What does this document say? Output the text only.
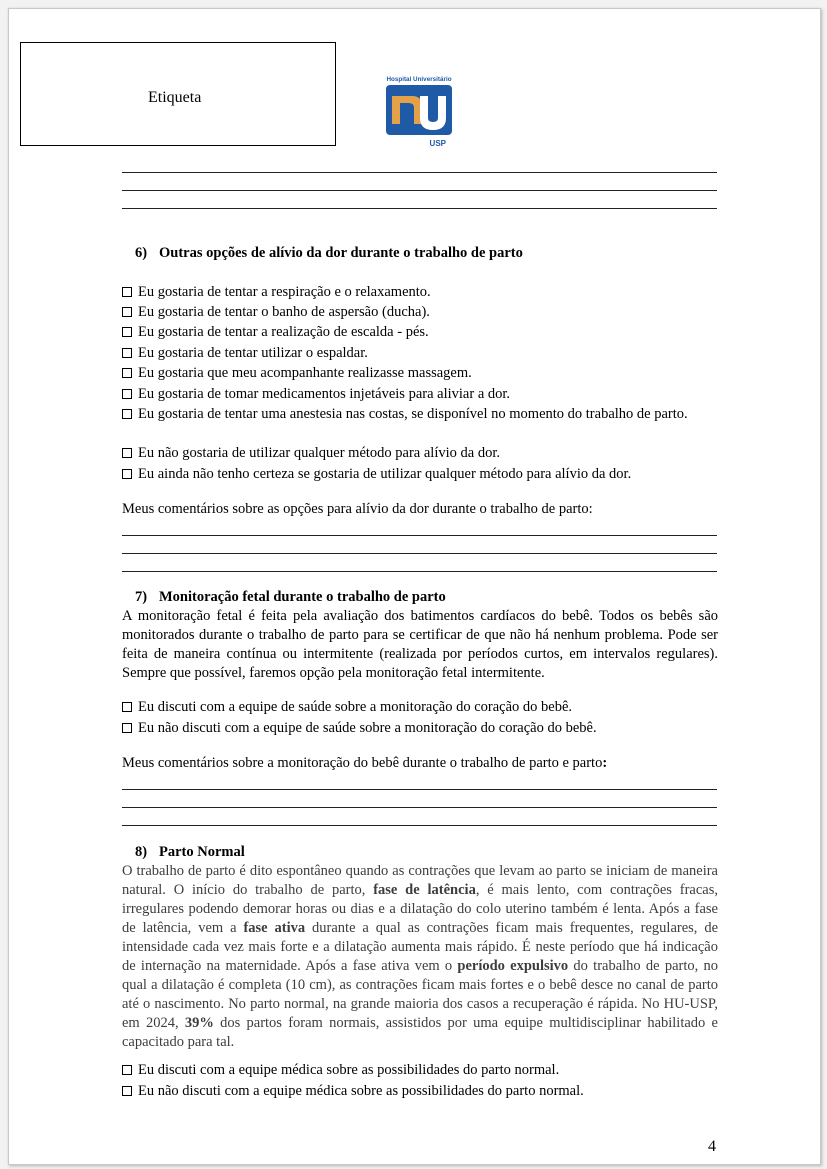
Etiqueta
Hospital Universitário
USP
6) Outras opções de alívio da dor durante o trabalho de parto
Eu gostaria de tentar a respiração e o relaxamento.
Eu gostaria de tentar o banho de aspersão (ducha).
Eu gostaria de tentar a realização de escalda - pés.
Eu gostaria de tentar utilizar o espaldar.
Eu gostaria que meu acompanhante realizasse massagem.
Eu gostaria de tomar medicamentos injetáveis para aliviar a dor.
Eu gostaria de tentar uma anestesia nas costas, se disponível no momento do trabalho de parto.
Eu não gostaria de utilizar qualquer método para alívio da dor.
Eu ainda não tenho certeza se gostaria de utilizar qualquer método para alívio da dor.
Meus comentários sobre as opções para alívio da dor durante o trabalho de parto:
7) Monitoração fetal durante o trabalho de parto
A monitoração fetal é feita pela avaliação dos batimentos cardíacos do bebê. Todos os bebês são monitorados durante o trabalho de parto para se certificar de que não há nenhum problema. Pode ser feita de maneira contínua ou intermitente (realizada por períodos curtos, em intervalos regulares). Sempre que possível, faremos opção pela monitoração fetal intermitente.
Eu discuti com a equipe de saúde sobre a monitoração do coração do bebê.
Eu não discuti com a equipe de saúde sobre a monitoração do coração do bebê.
Meus comentários sobre a monitoração do bebê durante o trabalho de parto e parto:
8) Parto Normal
O trabalho de parto é dito espontâneo quando as contrações que levam ao parto se iniciam de maneira natural. O início do trabalho de parto, fase de latência, é mais lento, com contrações fracas, irregulares podendo demorar horas ou dias e a dilatação do colo uterino também é lenta. Após a fase de latência, vem a fase ativa durante a qual as contrações ficam mais frequentes, regulares, de intensidade cada vez mais forte e a dilatação aumenta mais rápido. É neste período que há indicação de internação na maternidade. Após a fase ativa vem o período expulsivo do trabalho de parto, no qual a dilatação é completa (10 cm), as contrações ficam mais fortes e o bebê desce no canal de parto até o nascimento. No parto normal, na grande maioria dos casos a recuperação é rápida. No HU-USP, em 2024, 39% dos partos foram normais, assistidos por uma equipe multidisciplinar habilitado e capacitado para tal.
Eu discuti com a equipe médica sobre as possibilidades do parto normal.
Eu não discuti com a equipe médica sobre as possibilidades do parto normal.
4
